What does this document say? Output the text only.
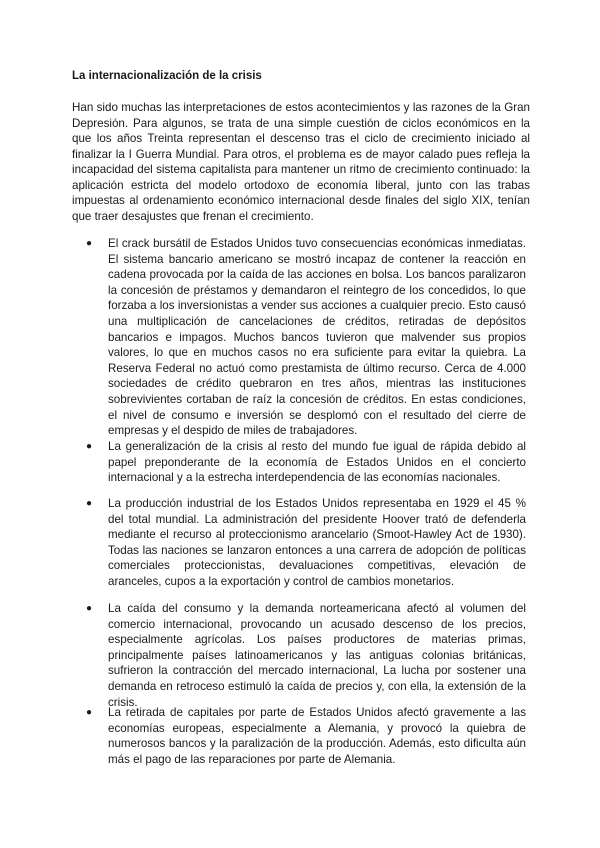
La internacionalización de la crisis

Han sido muchas las interpretaciones de estos acontecimientos y las razones de la Gran Depresión. Para algunos, se trata de una simple cuestión de ciclos económicos en la que los años Treinta representan el descenso tras el ciclo de crecimiento iniciado al finalizar la I Guerra Mundial. Para otros, el problema es de mayor calado pues refleja la incapacidad del sistema capitalista para mantener un ritmo de crecimiento continuado: la aplicación estricta del modelo ortodoxo de economía liberal, junto con las trabas impuestas al ordenamiento económico internacional desde finales del siglo XIX, tenían que traer desajustes que frenan el crecimiento.

● El crack bursátil de Estados Unidos tuvo consecuencias económicas inmediatas. El sistema bancario americano se mostró incapaz de contener la reacción en cadena provocada por la caída de las acciones en bolsa. Los bancos paralizaron la concesión de préstamos y demandaron el reintegro de los concedidos, lo que forzaba a los inversionistas a vender sus acciones a cualquier precio. Esto causó una multiplicación de cancelaciones de créditos, retiradas de depósitos bancarios e impagos. Muchos bancos tuvieron que malvender sus propios valores, lo que en muchos casos no era suficiente para evitar la quiebra. La Reserva Federal no actuó como prestamista de último recurso. Cerca de 4.000 sociedades de crédito quebraron en tres años, mientras las instituciones sobrevivientes cortaban de raíz la concesión de créditos. En estas condiciones, el nivel de consumo e inversión se desplomó con el resultado del cierre de empresas y el despido de miles de trabajadores.
● La generalización de la crisis al resto del mundo fue igual de rápida debido al papel preponderante de la economía de Estados Unidos en el concierto internacional y a la estrecha interdependencia de las economías nacionales.
● La producción industrial de los Estados Unidos representaba en 1929 el 45 % del total mundial. La administración del presidente Hoover trató de defenderla mediante el recurso al proteccionismo arancelario (Smoot-Hawley Act de 1930). Todas las naciones se lanzaron entonces a una carrera de adopción de políticas comerciales proteccionistas, devaluaciones competitivas, elevación de aranceles, cupos a la exportación y control de cambios monetarios.
● La caída del consumo y la demanda norteamericana afectó al volumen del comercio internacional, provocando un acusado descenso de los precios, especialmente agrícolas. Los países productores de materias primas, principalmente países latinoamericanos y las antiguas colonias británicas, sufrieron la contracción del mercado internacional, La lucha por sostener una demanda en retroceso estimuló la caída de precios y, con ella, la extensión de la crisis.
● La retirada de capitales por parte de Estados Unidos afectó gravemente a las economías europeas, especialmente a Alemania, y provocó la quiebra de numerosos bancos y la paralización de la producción. Además, esto dificulta aún más el pago de las reparaciones por parte de Alemania.
